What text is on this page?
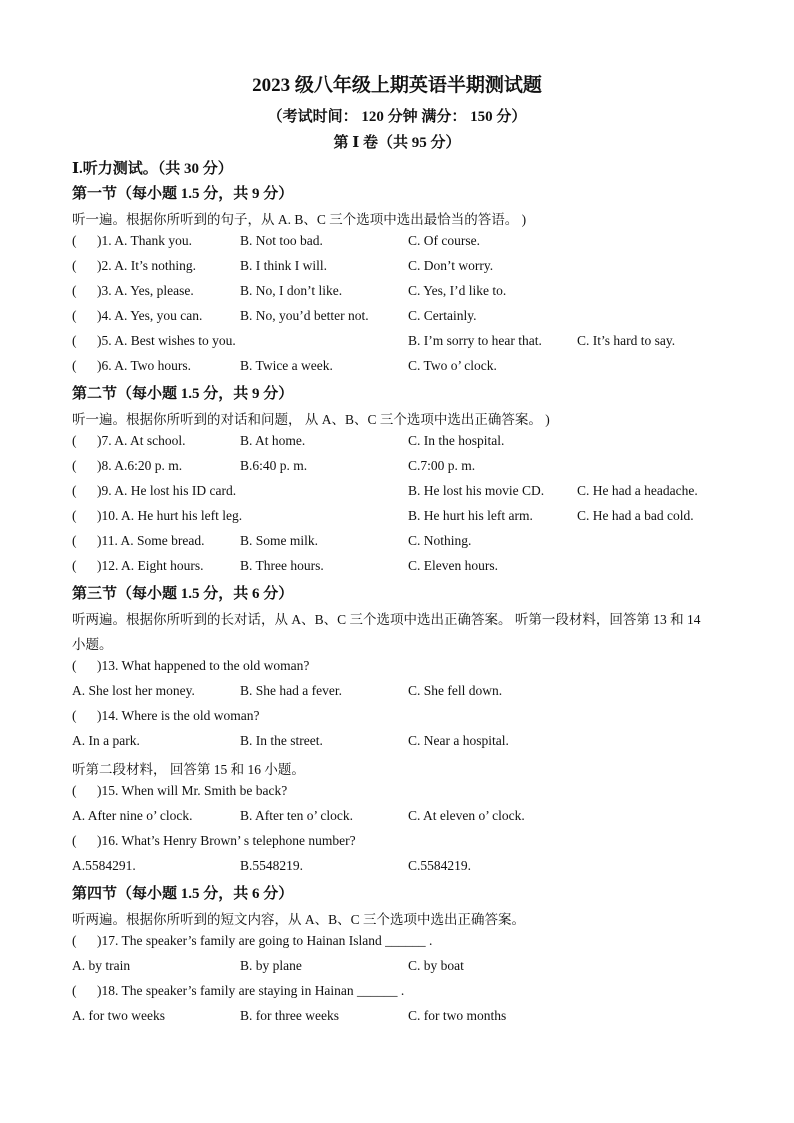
2023 级八年级上期英语半期测试题
（考试时间： 120 分钟 满分： 150 分）
第 Ⅰ 卷（共 95 分）
Ⅰ.听力测试。（共 30 分）
第一节（每小题 1.5 分，共 9 分）
听一遍。根据你所听到的句子，从 A. B、C 三个选项中选出最恰当的答语。 )
( )1. A. Thank you.	B. Not too bad.	C. Of course.
( )2. A. It’s nothing.	B. I think I will.	C. Don’t worry.
( )3. A. Yes, please.	B. No, I don’t like.	C. Yes, I’d like to.
( )4. A. Yes, you can.	B. No, you’d better not.	C. Certainly.
( )5. A. Best wishes to you.	B. I’m sorry to hear that.	C. It’s hard to say.
( )6. A. Two hours.	B. Twice a week.	C. Two o’ clock.
第二节（每小题 1.5 分，共 9 分）
听一遍。根据你所听到的对话和问题， 从 A、B、C 三个选项中选出正确答案。 )
( )7. A. At school.	B. At home.	C. In the hospital.
( )8. A.6:20 p. m.	B.6:40 p. m.	C.7:00 p. m.
( )9. A. He lost his ID card.	B. He lost his movie CD. C. He had a headache.
( )10. A. He hurt his left leg.	B. He hurt his left arm.	C. He had a bad cold.
( )11. A. Some bread.	B. Some milk.	C. Nothing.
( )12. A. Eight hours.	B. Three hours.	C. Eleven hours.
第三节（每小题 1.5 分，共 6 分）
听两遍。根据你所听到的长对话，从 A、B、C 三个选项中选出正确答案。 听第一段材料，回答第 13 和 14
小题。
( )13. What happened to the old woman?
A. She lost her money.	B. She had a fever.	C. She fell down.
( )14. Where is the old woman?
A. In a park.	B. In the street.	C. Near a hospital.
听第二段材料， 回答第 15 和 16 小题。
( )15. When will Mr. Smith be back?
A. After nine o’ clock.	B. After ten o’ clock.	C. At eleven o’ clock.
( )16. What’s Henry Brown’ s telephone number?
A.5584291.	B.5548219.	C.5584219.
第四节（每小题 1.5 分，共 6 分）
听两遍。根据你所听到的短文内容，从 A、B、C 三个选项中选出正确答案。
( )17. The speaker’s family are going to Hainan Island ______ .
A. by train	B. by plane	C. by boat
( )18. The speaker’s family are staying in Hainan ______ .
A. for two weeks	B. for three weeks	C. for two months
